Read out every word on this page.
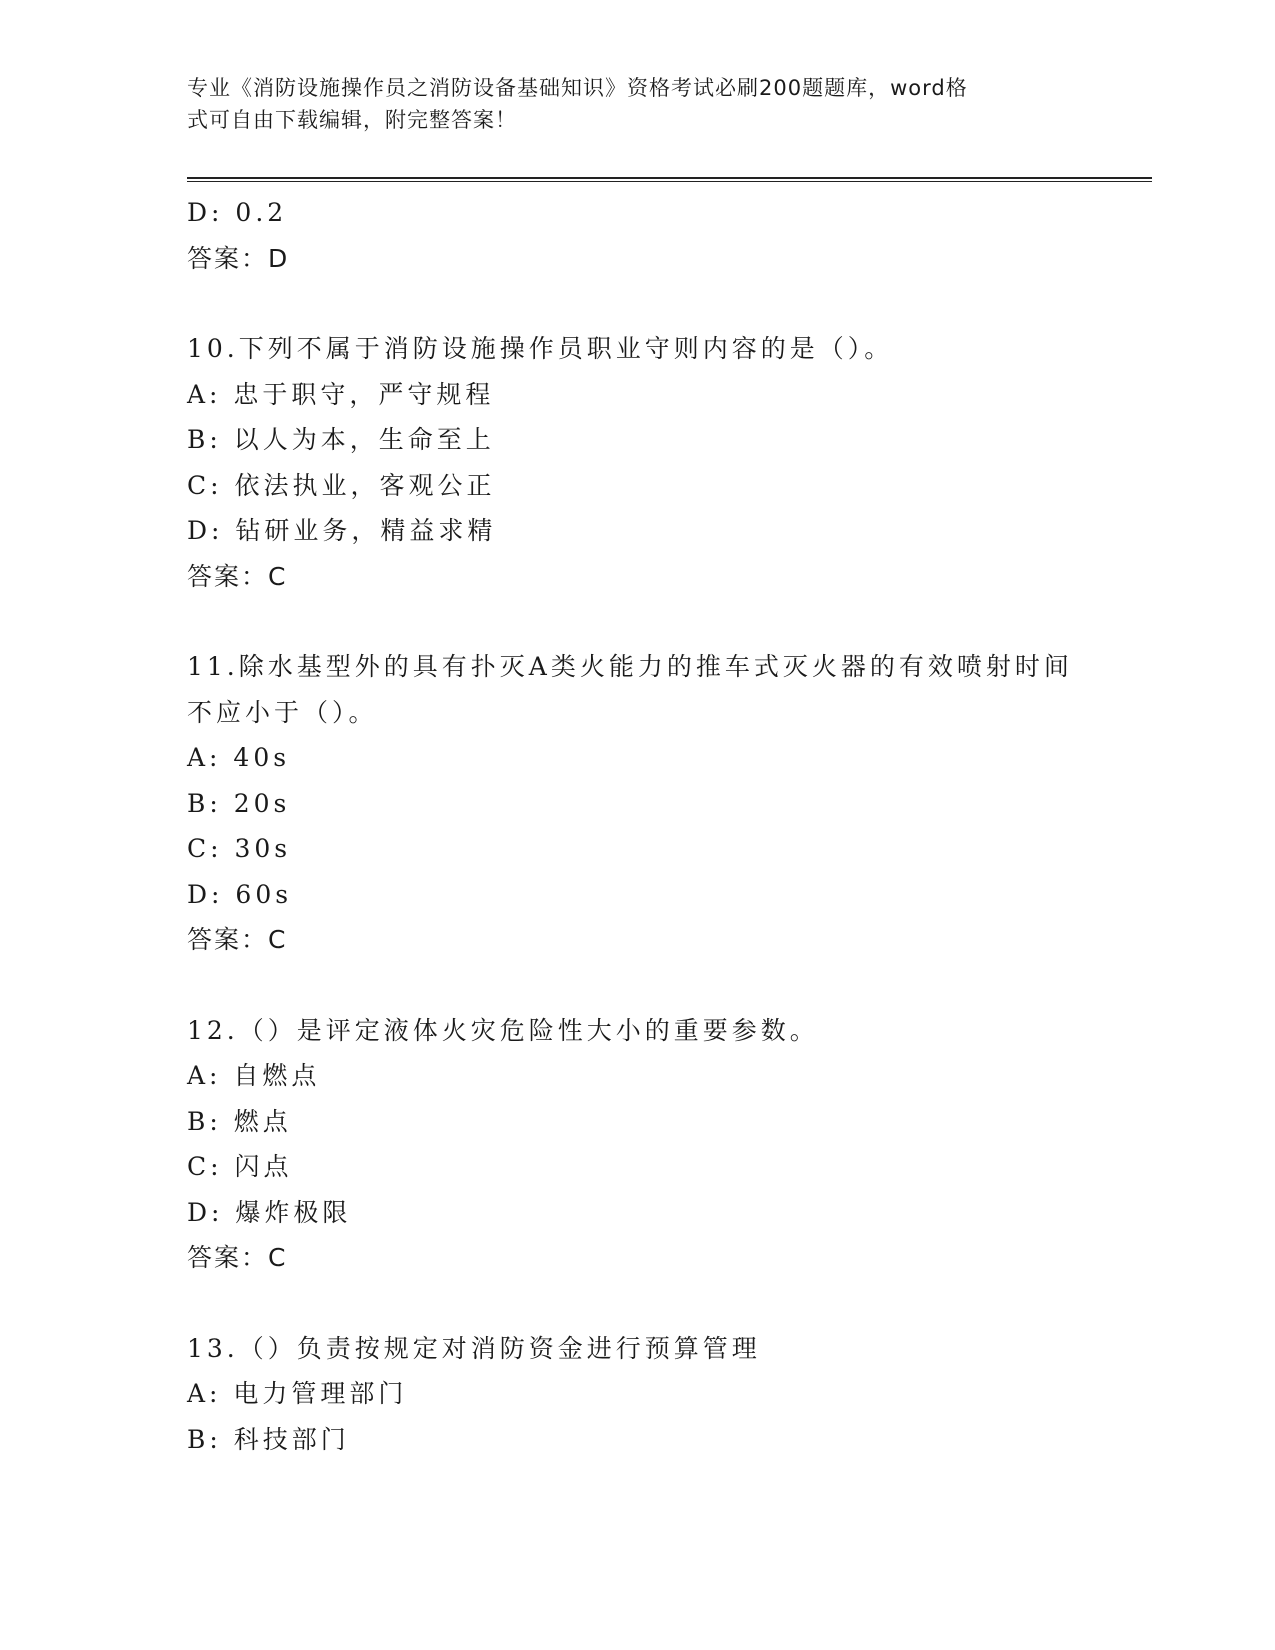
专业《消防设施操作员之消防设备基础知识》资格考试必刷200题题库，word格
式可自由下载编辑，附完整答案！
D: 0.2
答案：D
10.下列不属于消防设施操作员职业守则内容的是（）。
A: 忠于职守，严守规程
B: 以人为本，生命至上
C: 依法执业，客观公正
D: 钻研业务，精益求精
答案：C
11.除水基型外的具有扑灭A类火能力的推车式灭火器的有效喷射时间
不应小于（）。
A: 40s
B: 20s
C: 30s
D: 60s
答案：C
12.（）是评定液体火灾危险性大小的重要参数。
A: 自燃点
B: 燃点
C: 闪点
D: 爆炸极限
答案：C
13.（）负责按规定对消防资金进行预算管理
A: 电力管理部门
B: 科技部门
